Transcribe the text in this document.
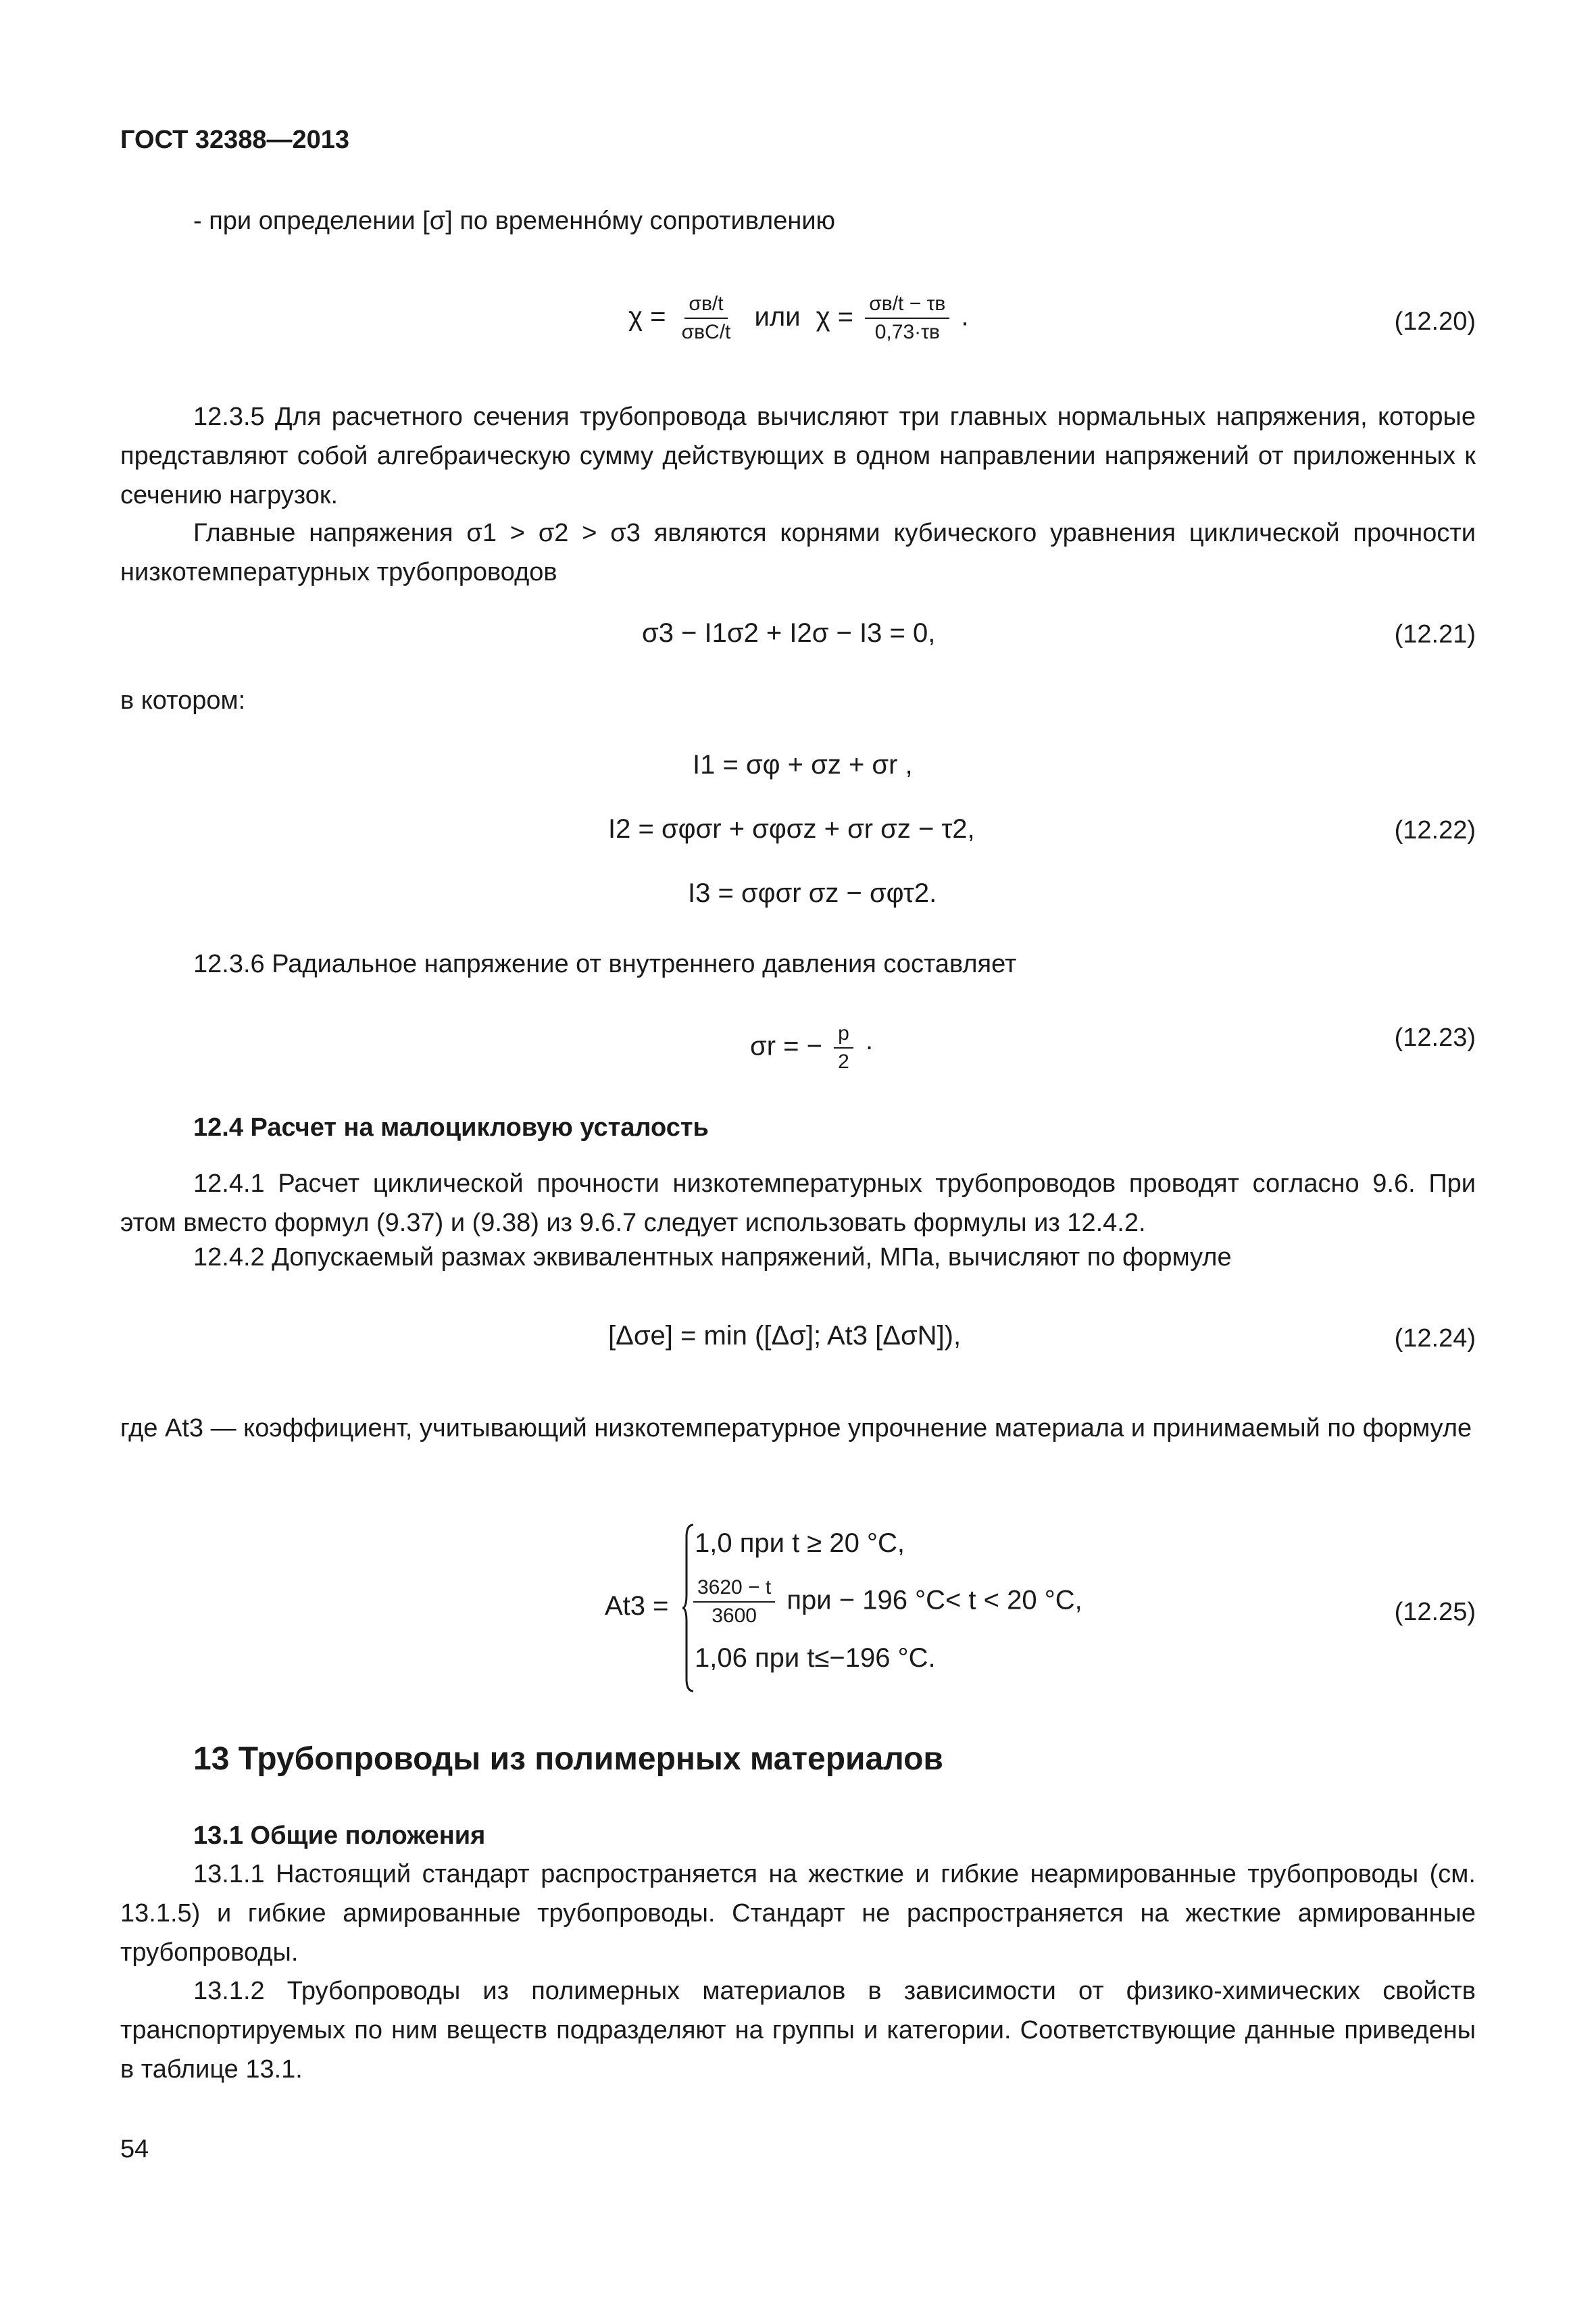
ГОСТ 32388—2013
- при определении [σ] по временнóму сопротивлению
$\chi = \frac{\sigma в/t}{\text{σвС/t}}$ или $\chi = \frac{\sigma в/t - \tau в}{0,73\cdot\tau в}$ .	(12.20)
12.3.5 Для расчетного сечения трубопровода вычисляют три главных нормальных напряжения, которые представляют собой алгебраическую сумму действующих в одном направлении напряжений от приложенных к сечению нагрузок.
Главные напряжения σ1 > σ2 > σ3 являются корнями кубического уравнения циклической прочности низкотемпературных трубопроводов
σ3 − I1σ2 + I2σ − I3 = 0,	(12.21)
в котором:
I1 = σφ + σz + σr ,
I2 = σφσr + σφσz + σr σz − τ2,
I3 = σφσr σz − σφτ2.
(12.22)
12.3.6 Радиальное напряжение от внутреннего давления составляет
σr = − $\frac{p}{2}$ ·	(12.23)
12.4 Расчет на малоцикловую усталость
12.4.1 Расчет циклической прочности низкотемпературных трубопроводов проводят согласно 9.6. При этом вместо формул (9.37) и (9.38) из 9.6.7 следует использовать формулы из 12.4.2.
12.4.2 Допускаемый размах эквивалентных напряжений, МПа, вычисляют по формуле
[Δσe] = min ([Δσ]; At3 [ΔσN]),	(12.24)
где At3 — коэффициент, учитывающий низкотемпературное упрочнение материала и принимаемый по формуле
At3 =
1,0 при t ≥ 20 °C,
$\frac{3620 - t}{3600}$ при − 196 °C< t < 20 °C,
1,06 при t≤−196 °C.
(12.25)
13 Трубопроводы из полимерных материалов
13.1 Общие положения
13.1.1 Настоящий стандарт распространяется на жесткие и гибкие неармированные трубопроводы (см. 13.1.5) и гибкие армированные трубопроводы. Стандарт не распространяется на жесткие армированные трубопроводы.
13.1.2 Трубопроводы из полимерных материалов в зависимости от физико-химических свойств транспортируемых по ним веществ подразделяют на группы и категории. Соответствующие данные приведены в таблице 13.1.
54
